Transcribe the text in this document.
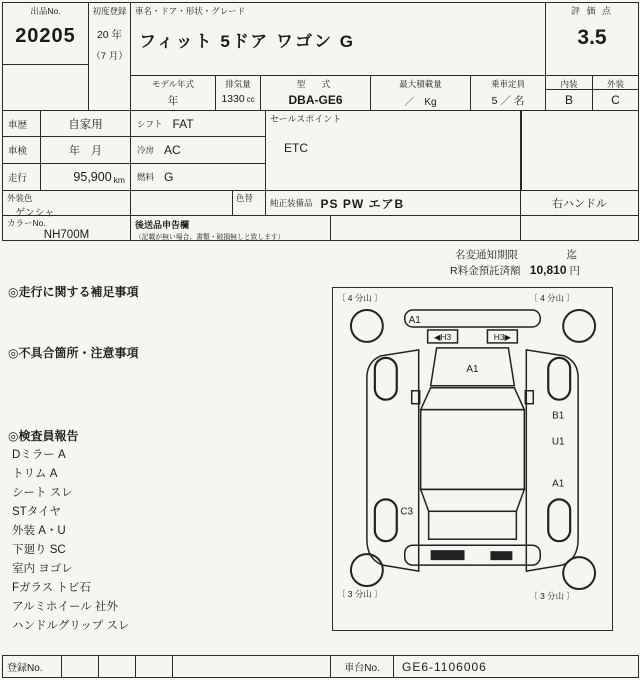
出品No.
20205
初度登録
20 年
（7 月）
車名・ドア・形状・グレード
フィット 5ドア ワゴン G
評 価 点
3.5
モデル年式
年
排気量
1330 cc
型　式
DBA-GE6
最大積載量
／　Kg
乗車定員
5 ／ 名
内装
B
外装
C
車歴	自家用	シフト FAT
車検	年　月	冷房 AC
走行	95,900 km 燃料 G
セールスポイント
ETC
外装色
ゲンシャ
色替	純正装備品 PS PW エアB	右ハンドル
カラーNo.
NH700M
後送品申告欄
（記載が無い場合、書類・破損無しと致します）
名変通知期限	迄
R料金預託済額 10,810 円
◎走行に関する補足事項
◎不具合箇所・注意事項
◎検査員報告
Dミラー A
トリム A
シート スレ
STタイヤ
外装 A・U
下廻り SC
室内 ヨゴレ
Fガラス トビ石
アルミホイール 社外
ハンドルグリップ スレ
〔 4 分山 〕	〔 4 分山 〕
〔 3 分山 〕	〔 3 分山 〕
A1
◀H3	H3▶
A1
B1
U1
A1
C3
登録No.	車台No.	GE6-1106006
